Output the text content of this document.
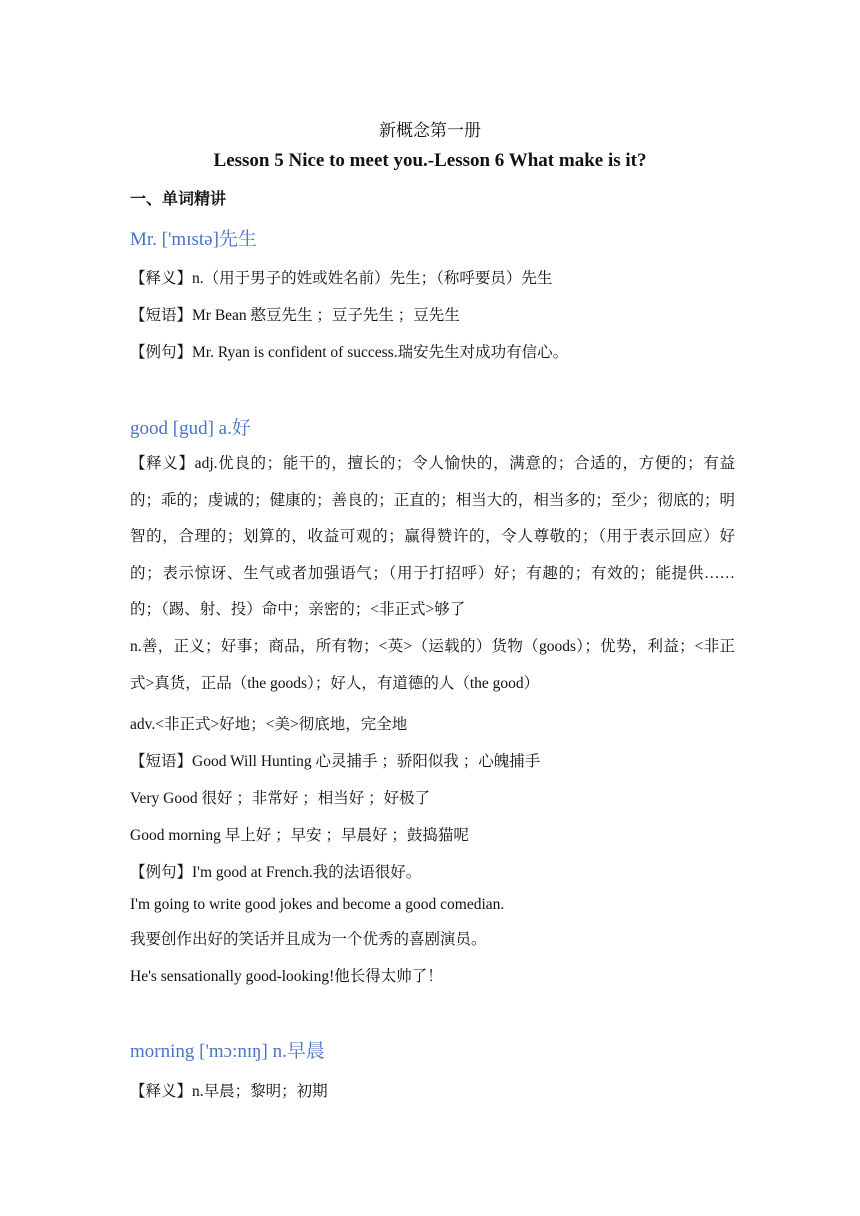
新概念第一册
Lesson 5 Nice to meet you.-Lesson 6 What make is it?
一、单词精讲
Mr. ['mɪstə]先生
【释义】n.（用于男子的姓或姓名前）先生；（称呼要员）先生
【短语】Mr Bean 憨豆先生 ；豆子先生 ；豆先生
【例句】Mr. Ryan is confident of success.瑞安先生对成功有信心。
good [gud] a.好
【释义】adj.优良的；能干的，擅长的；令人愉快的，满意的；合适的，方便的；有益的；乖的；虔诚的；健康的；善良的；正直的；相当大的，相当多的；至少；彻底的；明智的，合理的；划算的，收益可观的；赢得赞许的，令人尊敬的；（用于表示回应）好的；表示惊讶、生气或者加强语气；（用于打招呼）好；有趣的；有效的；能提供……的；（踢、射、投）命中；亲密的；<非正式>够了
n.善，正义；好事；商品，所有物；<英>（运载的）货物（goods）；优势，利益；<非正式>真货，正品（the goods）；好人，有道德的人（the good）
adv.<非正式>好地；<美>彻底地，完全地
【短语】Good Will Hunting 心灵捕手 ；骄阳似我 ；心魄捕手
Very Good 很好 ；非常好 ；相当好 ；好极了
Good morning 早上好 ；早安 ；早晨好 ；鼓捣猫呢
【例句】I'm good at French.我的法语很好。
I'm going to write good jokes and become a good comedian.
我要创作出好的笑话并且成为一个优秀的喜剧演员。
He's sensationally good-looking!他长得太帅了！
morning ['mɔ:nɪŋ] n.早晨
【释义】n.早晨；黎明；初期
